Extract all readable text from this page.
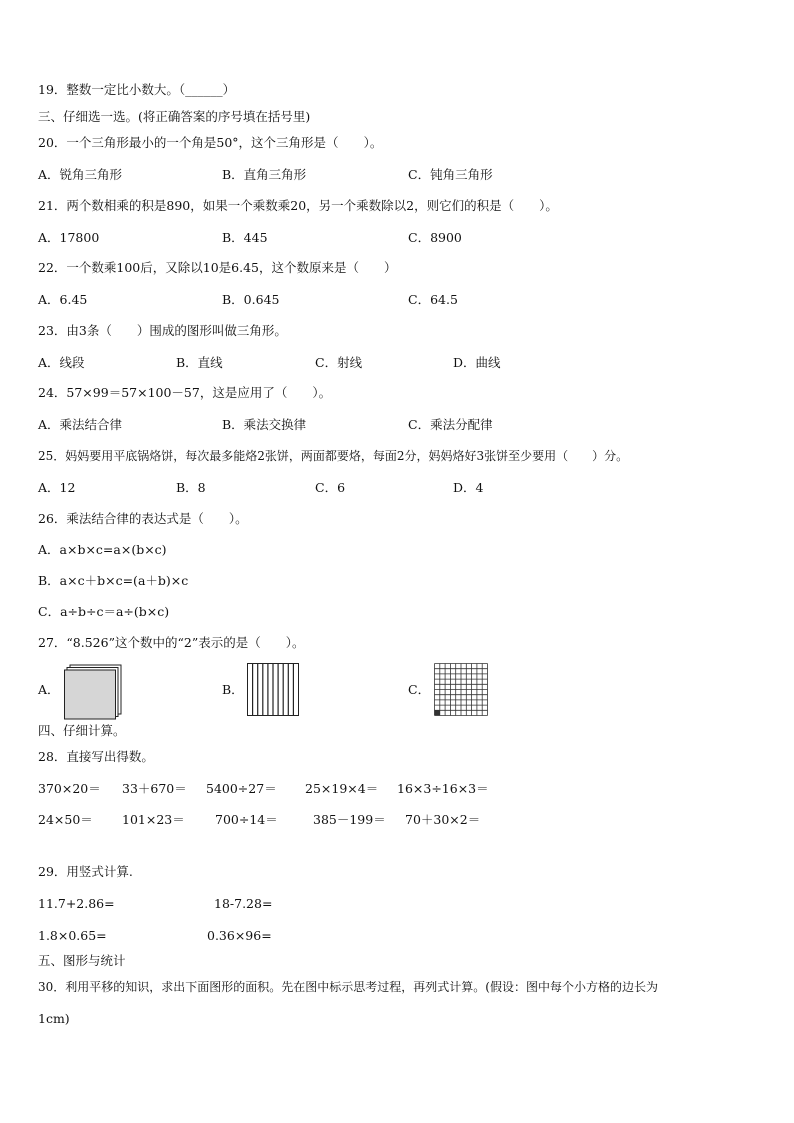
19．整数一定比小数大。（______）
三、仔细选一选。(将正确答案的序号填在括号里)
20．一个三角形最小的一个角是50°，这个三角形是（　　）。
A．锐角三角形	B．直角三角形	C．钝角三角形
21．两个数相乘的积是890，如果一个乘数乘20，另一个乘数除以2，则它们的积是（　　）。
A．17800	B．445	C．8900
22．一个数乘100后，又除以10是6.45，这个数原来是（　　）
A．6.45	B．0.645	C．64.5
23．由3条（　　）围成的图形叫做三角形。
A．线段	B．直线	C．射线	D．曲线
24．57×99＝57×100－57，这是应用了（　　）。
A．乘法结合律	B．乘法交换律	C．乘法分配律
25．妈妈要用平底锅烙饼，每次最多能烙2张饼，两面都要烙，每面2分，妈妈烙好3张饼至少要用（　　）分。
A．12	B．8	C．6	D．4
26．乘法结合律的表达式是（　　）。
A．a×b×c=a×(b×c)
B．a×c＋b×c=(a＋b)×c
C．a÷b÷c＝a÷(b×c)
27．“8.526”这个数中的“2”表示的是（　　）。
A．	B．	C．
四、仔细计算。
28．直接写出得数。
370×20＝ 33＋670＝ 5400÷27＝ 25×19×4＝ 16×3÷16×3＝
24×50＝ 101×23＝ 700÷14＝	385－199＝ 70＋30×2＝
29．用竖式计算.
11.7+2.86=	18-7.28=
1.8×0.65=	0.36×96=
五、图形与统计
30．利用平移的知识，求出下面图形的面积。先在图中标示思考过程，再列式计算。(假设：图中每个小方格的边长为
1cm)
